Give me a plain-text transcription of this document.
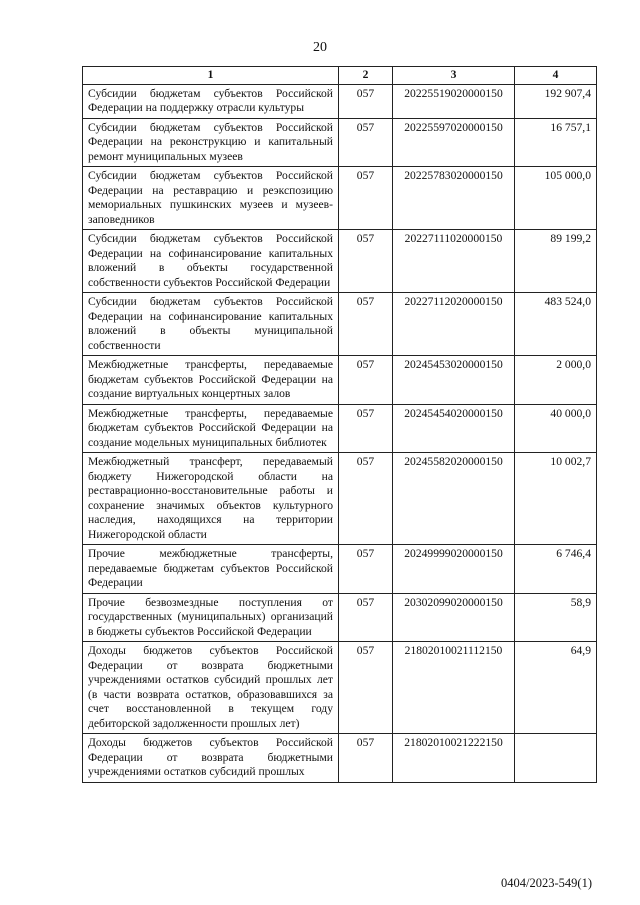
20
1	2	3	4
Субсидии бюджетам субъектов Российской Федерации на поддержку отрасли культуры	057	20225519020000150	192 907,4
Субсидии бюджетам субъектов Российской Федерации на реконструкцию и капитальный ремонт муниципальных музеев	057	20225597020000150	16 757,1
Субсидии бюджетам субъектов Российской Федерации на реставрацию и реэкспозицию мемориальных пушкинских музеев и музеев-заповедников	057	20225783020000150	105 000,0
Субсидии бюджетам субъектов Российской Федерации на софинансирование капитальных вложений в объекты государственной собственности субъектов Российской Федерации	057	20227111020000150	89 199,2
Субсидии бюджетам субъектов Российской Федерации на софинансирование капитальных вложений в объекты муниципальной собственности	057	20227112020000150	483 524,0
Межбюджетные трансферты, передаваемые бюджетам субъектов Российской Федерации на создание виртуальных концертных залов	057	20245453020000150	2 000,0
Межбюджетные трансферты, передаваемые бюджетам субъектов Российской Федерации на создание модельных муниципальных библиотек	057	20245454020000150	40 000,0
Межбюджетный трансферт, передаваемый бюджету Нижегородской области на реставрационно-восстановительные работы и сохранение значимых объектов культурного наследия, находящихся на территории Нижегородской области	057	20245582020000150	10 002,7
Прочие межбюджетные трансферты, передаваемые бюджетам субъектов Российской Федерации	057	20249999020000150	6 746,4
Прочие безвозмездные поступления от государственных (муниципальных) организаций в бюджеты субъектов Российской Федерации	057	20302099020000150	58,9
Доходы бюджетов субъектов Российской Федерации от возврата бюджетными учреждениями остатков субсидий прошлых лет (в части возврата остатков, образовавшихся за счет восстановленной в текущем году дебиторской задолженности прошлых лет)	057	21802010021112150	64,9
Доходы бюджетов субъектов Российской Федерации от возврата бюджетными учреждениями остатков субсидий прошлых	057	21802010021222150	
0404/2023-549(1)
